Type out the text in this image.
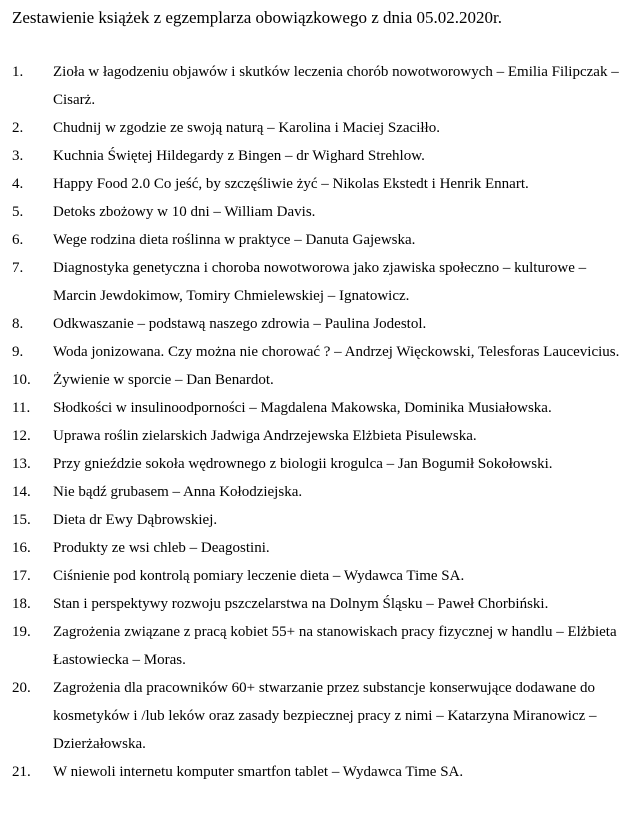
Zestawienie książek z egzemplarza obowiązkowego z dnia 05.02.2020r.
1. Zioła w łagodzeniu objawów i skutków leczenia chorób nowotworowych – Emilia Filipczak – Cisarż.
2. Chudnij w zgodzie ze swoją naturą – Karolina i Maciej Szaciłło.
3. Kuchnia Świętej Hildegardy z Bingen – dr Wighard Strehlow.
4. Happy Food 2.0 Co jeść, by szczęśliwie żyć – Nikolas Ekstedt i Henrik Ennart.
5. Detoks zbożowy w 10 dni – William Davis.
6. Wege rodzina dieta roślinna w praktyce – Danuta Gajewska.
7. Diagnostyka genetyczna i choroba nowotworowa jako zjawiska społeczno – kulturowe – Marcin Jewdokimow, Tomiry Chmielewskiej – Ignatowicz.
8. Odkwaszanie – podstawą naszego zdrowia – Paulina Jodestol.
9. Woda jonizowana. Czy można nie chorować ? – Andrzej Więckowski, Telesforas Laucevicius.
10. Żywienie w sporcie – Dan Benardot.
11. Słodkości w insulinoodporności – Magdalena Makowska, Dominika Musiałowska.
12. Uprawa roślin zielarskich Jadwiga Andrzejewska Elżbieta Pisulewska.
13. Przy gnieździe sokoła wędrownego z biologii krogulca – Jan Bogumił Sokołowski.
14. Nie bądź grubasem – Anna Kołodziejska.
15. Dieta dr Ewy Dąbrowskiej.
16. Produkty ze wsi chleb – Deagostini.
17. Ciśnienie pod kontrolą pomiary leczenie dieta – Wydawca Time SA.
18. Stan i perspektywy rozwoju pszczelarstwa na Dolnym Śląsku – Paweł Chorbiński.
19. Zagrożenia związane z pracą kobiet 55+ na stanowiskach pracy fizycznej w handlu – Elżbieta Łastowiecka – Moras.
20. Zagrożenia dla pracowników 60+ stwarzanie przez substancje konserwujące dodawane do kosmetyków i /lub leków oraz zasady bezpiecznej pracy z nimi – Katarzyna Miranowicz – Dzierżałowska.
21. W niewoli internetu komputer smartfon tablet – Wydawca Time SA.
